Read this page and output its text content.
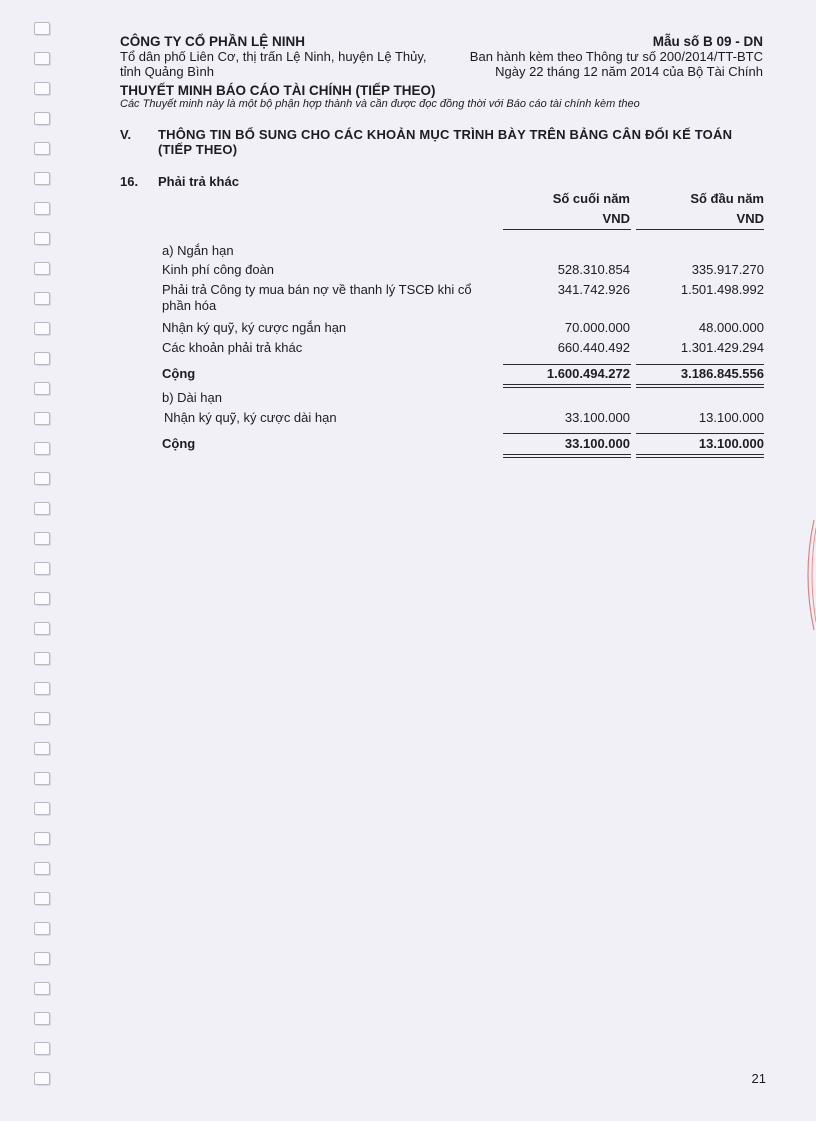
CÔNG TY CỔ PHẦN LỆ NINH
Tổ dân phố Liên Cơ, thị trấn Lệ Ninh, huyện Lệ Thủy,
tỉnh Quảng Bình
Mẫu số B 09 - DN
Ban hành kèm theo Thông tư số 200/2014/TT-BTC
Ngày 22 tháng 12 năm 2014 của Bộ Tài Chính
THUYẾT MINH BÁO CÁO TÀI CHÍNH (TIẾP THEO)
Các Thuyết minh này là một bộ phận hợp thành và cần được đọc đồng thời với Báo cáo tài chính kèm theo
V. THÔNG TIN BỔ SUNG CHO CÁC KHOẢN MỤC TRÌNH BÀY TRÊN BẢNG CÂN ĐỐI KẾ TOÁN (TIẾP THEO)
16. Phải trả khác
Số cuối năm	Số đầu năm
VND	VND
a) Ngắn hạn
Kinh phí công đoàn	528.310.854	335.917.270
Phải trả Công ty mua bán nợ về thanh lý TSCĐ khi cổ phần hóa
341.742.926	1.501.498.992
Nhận ký quỹ, ký cược ngắn hạn	70.000.000	48.000.000
Các khoản phải trả khác	660.440.492	1.301.429.294
Cộng	1.600.494.272	3.186.845.556
b) Dài hạn
Nhận ký quỹ, ký cược dài hạn	33.100.000	13.100.000
Cộng	33.100.000	13.100.000
21
